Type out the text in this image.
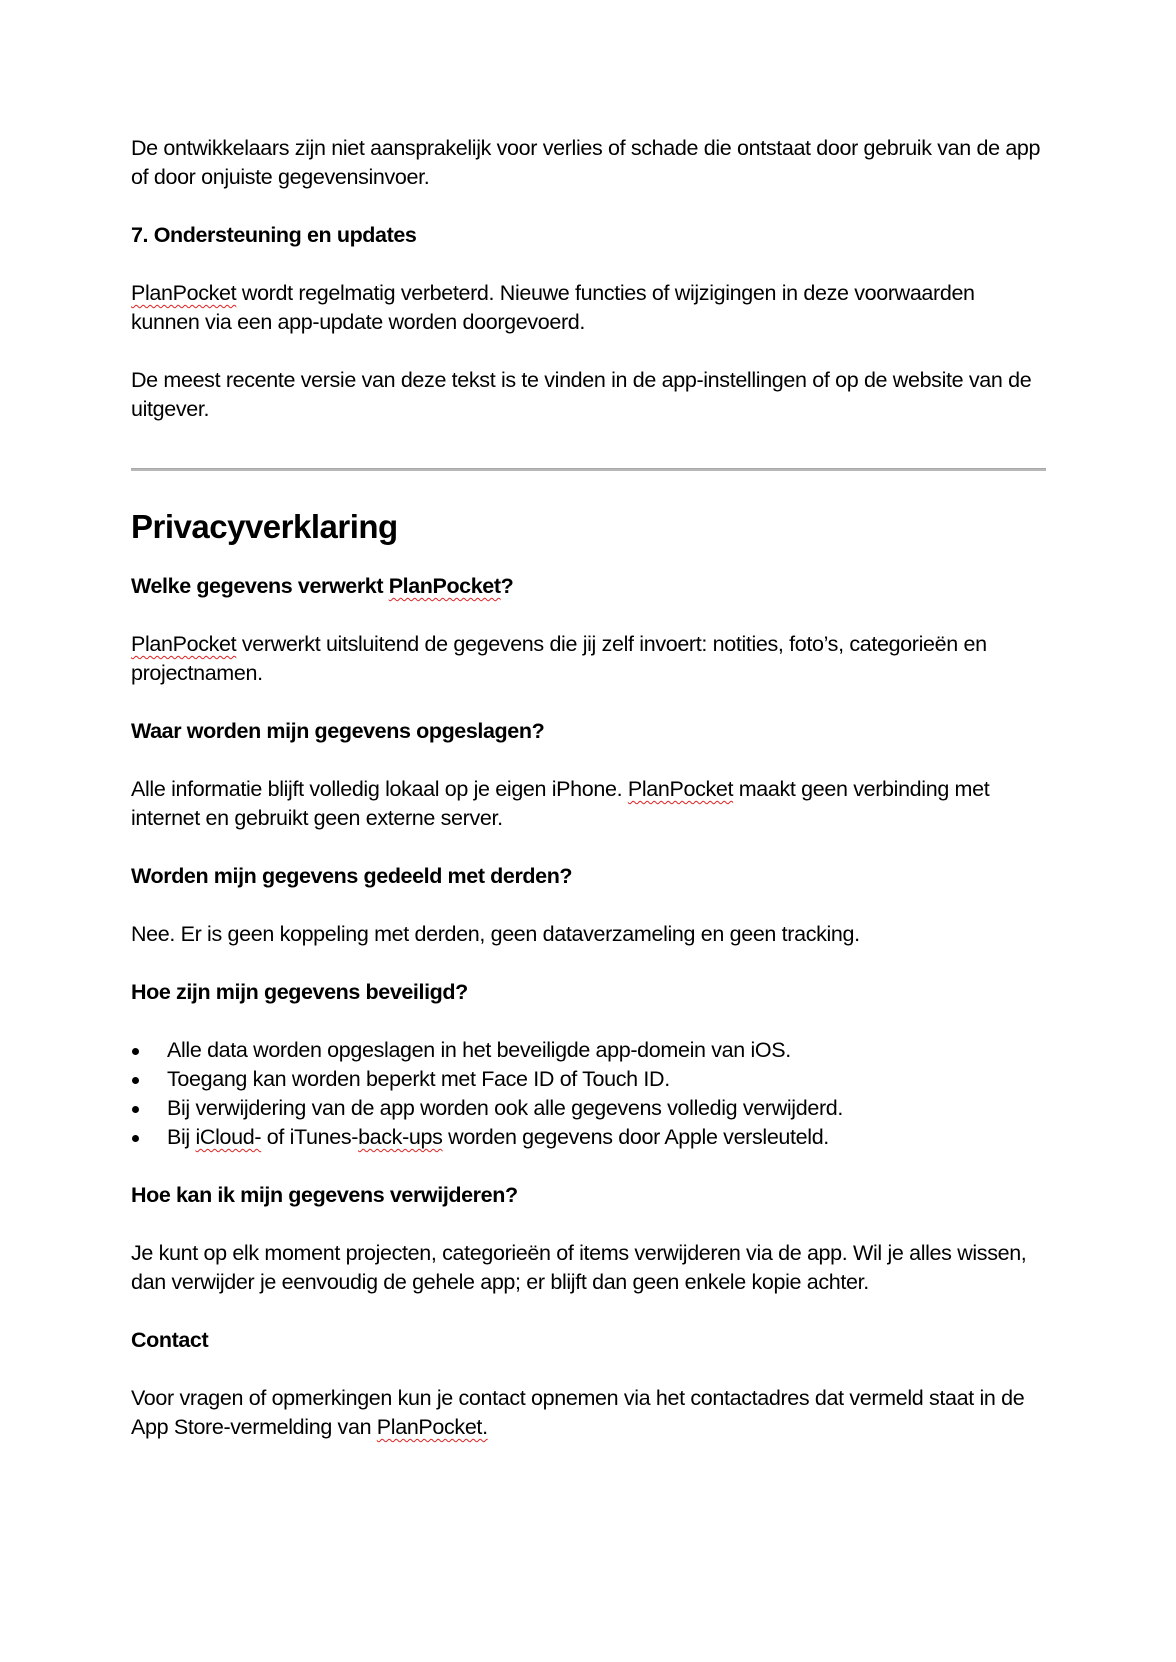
De ontwikkelaars zijn niet aansprakelijk voor verlies of schade die ontstaat door gebruik van de app of door onjuiste gegevensinvoer.

7. Ondersteuning en updates

PlanPocket wordt regelmatig verbeterd. Nieuwe functies of wijzigingen in deze voorwaarden kunnen via een app-update worden doorgevoerd.

De meest recente versie van deze tekst is te vinden in de app-instellingen of op de website van de uitgever.

Privacyverklaring

Welke gegevens verwerkt PlanPocket?

PlanPocket verwerkt uitsluitend de gegevens die jij zelf invoert: notities, foto’s, categorieën en projectnamen.

Waar worden mijn gegevens opgeslagen?

Alle informatie blijft volledig lokaal op je eigen iPhone. PlanPocket maakt geen verbinding met internet en gebruikt geen externe server.

Worden mijn gegevens gedeeld met derden?

Nee. Er is geen koppeling met derden, geen dataverzameling en geen tracking.

Hoe zijn mijn gegevens beveiligd?

Alle data worden opgeslagen in het beveiligde app-domein van iOS.
Toegang kan worden beperkt met Face ID of Touch ID.
Bij verwijdering van de app worden ook alle gegevens volledig verwijderd.
Bij iCloud- of iTunes-back-ups worden gegevens door Apple versleuteld.

Hoe kan ik mijn gegevens verwijderen?

Je kunt op elk moment projecten, categorieën of items verwijderen via de app. Wil je alles wissen, dan verwijder je eenvoudig de gehele app; er blijft dan geen enkele kopie achter.

Contact

Voor vragen of opmerkingen kun je contact opnemen via het contactadres dat vermeld staat in de App Store-vermelding van PlanPocket.
